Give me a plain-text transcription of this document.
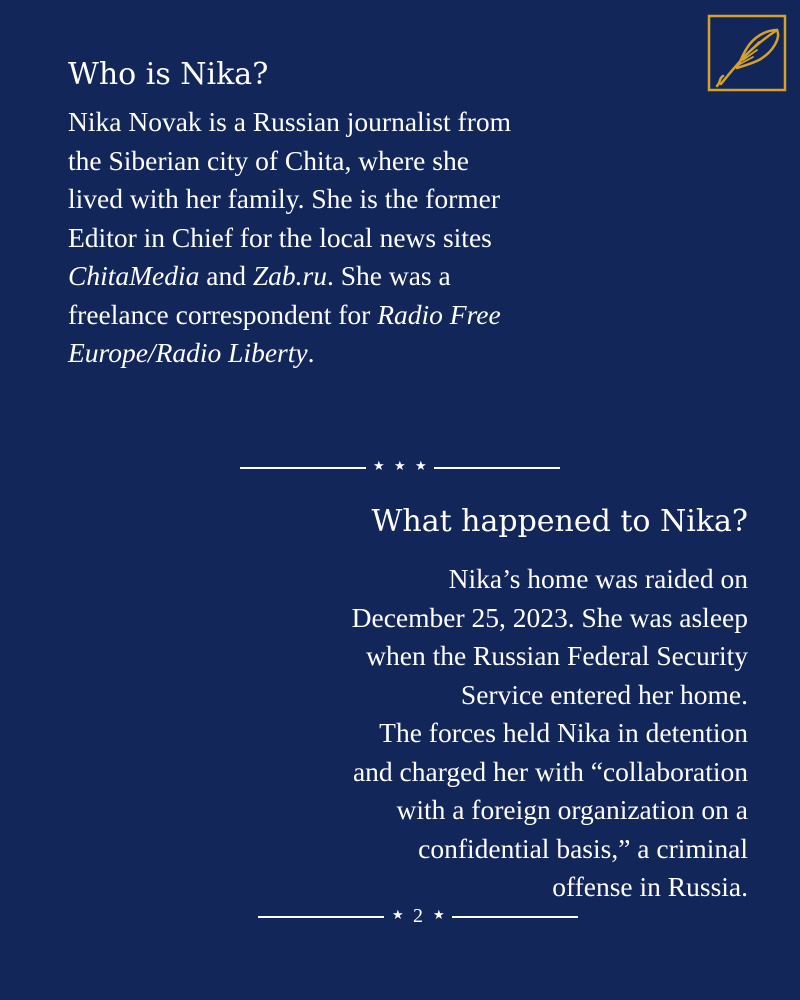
Who is Nika?

Nika Novak is a Russian journalist from
the Siberian city of Chita, where she
lived with her family. She is the former
Editor in Chief for the local news sites
ChitaMedia and Zab.ru. She was a
freelance correspondent for Radio Free
Europe/Radio Liberty.

★ ★ ★
What happened to Nika?

Nika’s home was raided on
December 25, 2023. She was asleep
when the Russian Federal Security
Service entered her home.
The forces held Nika in detention
and charged her with “collaboration
with a foreign organization on a
confidential basis,” a criminal
offense in Russia.

★ 2 ★
